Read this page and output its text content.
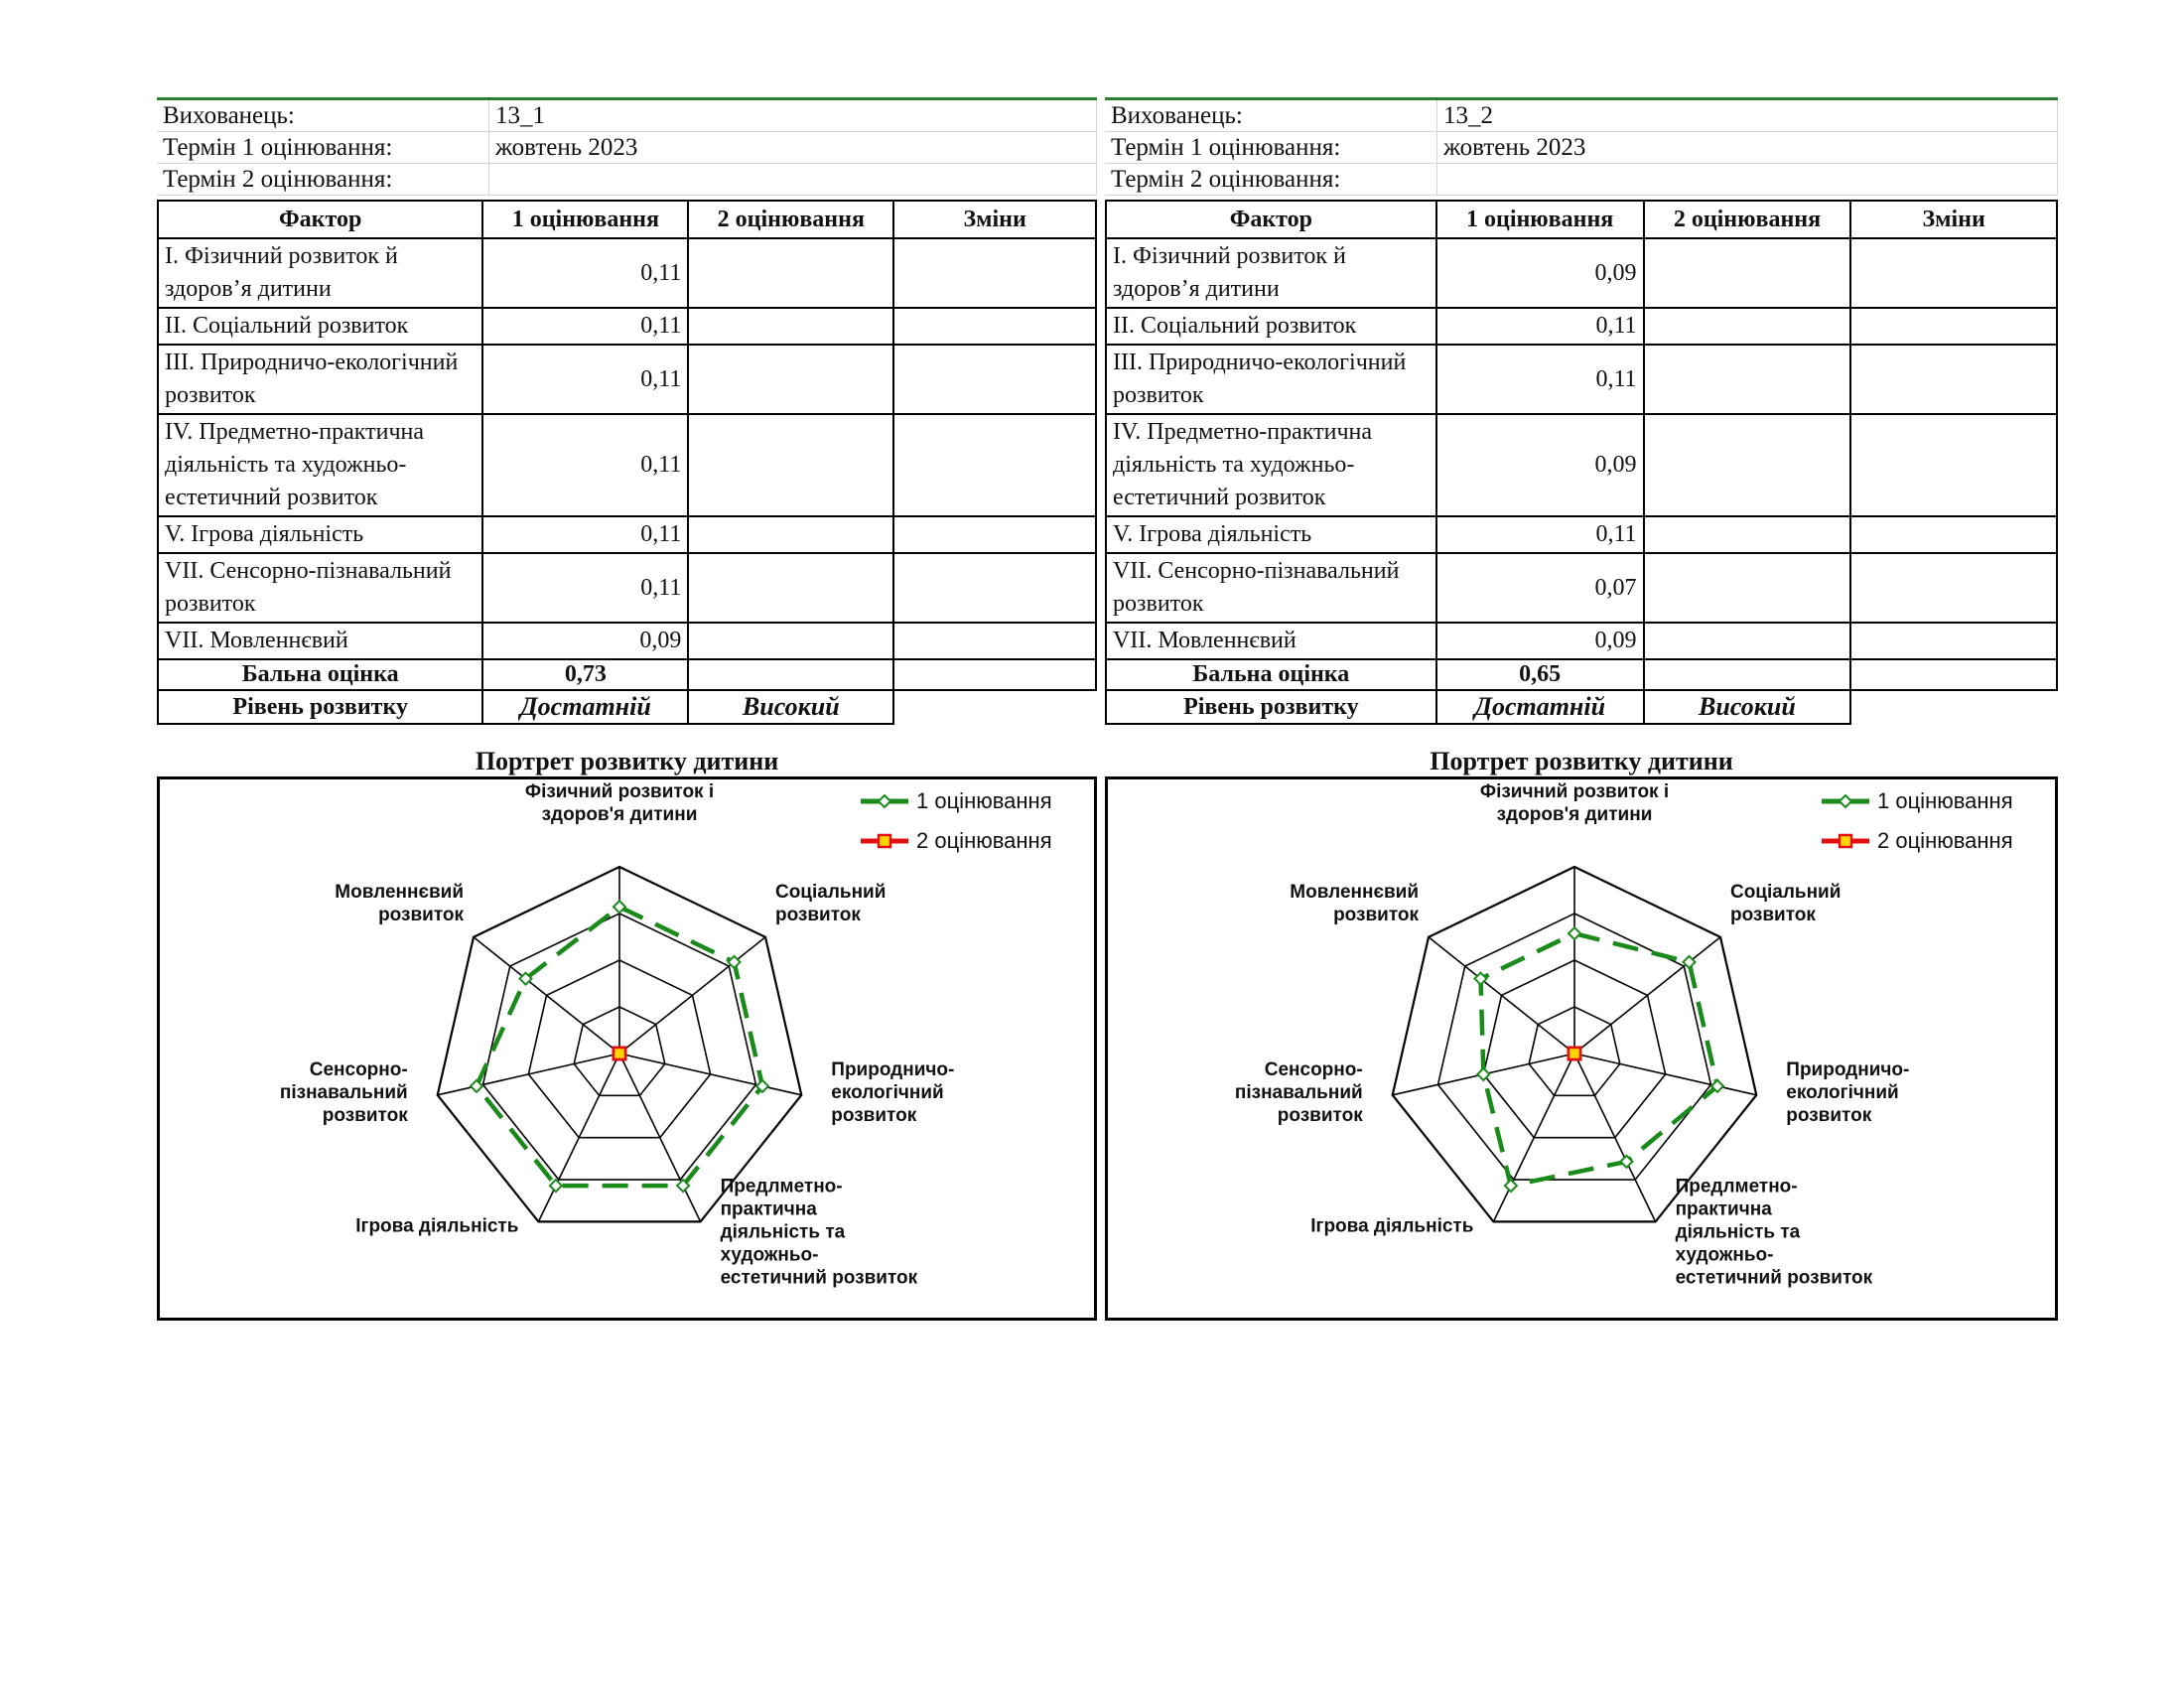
Вихованець:	13_1
Термін 1 оцінювання:	жовтень 2023
Термін 2 оцінювання:	
Фактор	1 оцінювання	2 оцінювання	Зміни
І. Фізичний розвиток й здоров’я дитини	0,11		
ІІ. Соціальний розвиток	0,11		
ІІІ. Природничо-екологічний розвиток	0,11		
IV. Предметно-практична діяльність та художньо-естетичний розвиток	0,11		
V. Ігрова діяльність	0,11		
VII. Сенсорно-пізнавальний розвиток	0,11		
VII. Мовленнєвий	0,09		
Бальна оцінка	0,73		
Рівень розвитку	Достатній	Високий	
Портрет розвитку дитини
Фізичний розвиток і здоров'я дитини
Соціальний розвиток
Природничо-екологічний розвиток
Предлметно-практична діяльність та художньо-естетичний розвиток
Ігрова діяльність
Сенсорно-пізнавальний розвиток
Мовленнєвий розвиток
1 оцінювання
2 оцінювання
Вихованець:	13_2
Термін 1 оцінювання:	жовтень 2023
Термін 2 оцінювання:	
Фактор	1 оцінювання	2 оцінювання	Зміни
І. Фізичний розвиток й здоров’я дитини	0,09		
ІІ. Соціальний розвиток	0,11		
ІІІ. Природничо-екологічний розвиток	0,11		
IV. Предметно-практична діяльність та художньо-естетичний розвиток	0,09		
V. Ігрова діяльність	0,11		
VII. Сенсорно-пізнавальний розвиток	0,07		
VII. Мовленнєвий	0,09		
Бальна оцінка	0,65		
Рівень розвитку	Достатній	Високий	
Портрет розвитку дитини
Фізичний розвиток і здоров'я дитини
Соціальний розвиток
Природничо-екологічний розвиток
Предлметно-практична діяльність та художньо-естетичний розвиток
Ігрова діяльність
Сенсорно-пізнавальний розвиток
Мовленнєвий розвиток
1 оцінювання
2 оцінювання
